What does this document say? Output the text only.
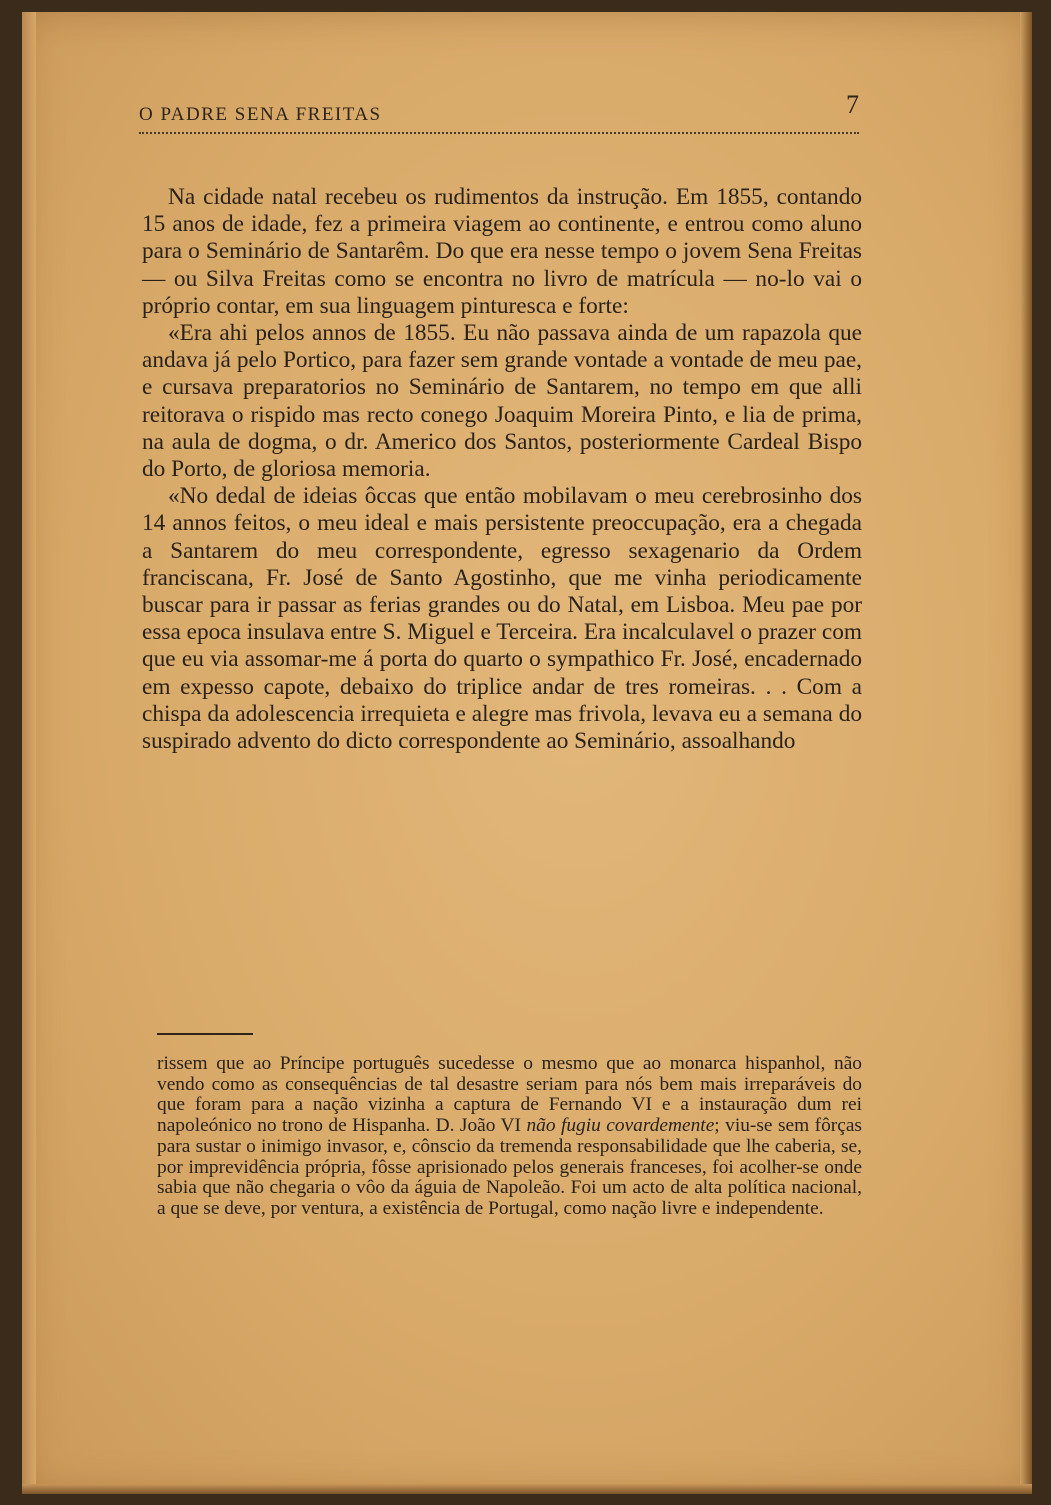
O PADRE SENA FREITAS	7

Na cidade natal recebeu os rudimentos da instrução. Em 1855, contando 15 anos de idade, fez a primeira viagem ao continente, e entrou como aluno para o Seminário de Santarêm. Do que era nesse tempo o jovem Sena Freitas — ou Silva Freitas como se encontra no livro de matrícula — no-lo vai o próprio contar, em sua linguagem pinturesca e forte:

«Era ahi pelos annos de 1855. Eu não passava ainda de um rapazola que andava já pelo Portico, para fazer sem grande vontade a vontade de meu pae, e cursava preparatorios no Seminário de Santarem, no tempo em que alli reitorava o rispido mas recto conego Joaquim Moreira Pinto, e lia de prima, na aula de dogma, o dr. Americo dos Santos, posteriormente Cardeal Bispo do Porto, de gloriosa memoria.

«No dedal de ideias ôccas que então mobilavam o meu cerebrosinho dos 14 annos feitos, o meu ideal e mais persistente preoccupação, era a chegada a Santarem do meu correspondente, egresso sexagenario da Ordem franciscana, Fr. José de Santo Agostinho, que me vinha periodicamente buscar para ir passar as ferias grandes ou do Natal, em Lisboa. Meu pae por essa epoca insulava entre S. Miguel e Terceira. Era incalculavel o prazer com que eu via assomar-me á porta do quarto o sympathico Fr. José, encadernado em expesso capote, debaixo do triplice andar de tres romeiras. . . Com a chispa da adolescencia irrequieta e alegre mas frivola, levava eu a semana do suspirado advento do dicto correspondente ao Seminário, assoalhando

rissem que ao Príncipe português sucedesse o mesmo que ao monarca hispanhol, não vendo como as consequências de tal desastre seriam para nós bem mais irreparáveis do que foram para a nação vizinha a captura de Fernando VI e a instauração dum rei napoleónico no trono de Hispanha. D. João VI não fugiu covardemente; viu-se sem fôrças para sustar o inimigo invasor, e, cônscio da tremenda responsabilidade que lhe caberia, se, por imprevidência própria, fôsse aprisionado pelos generais franceses, foi acolher-se onde sabia que não chegaria o vôo da águia de Napoleão. Foi um acto de alta política nacional, a que se deve, por ventura, a existência de Portugal, como nação livre e independente.
